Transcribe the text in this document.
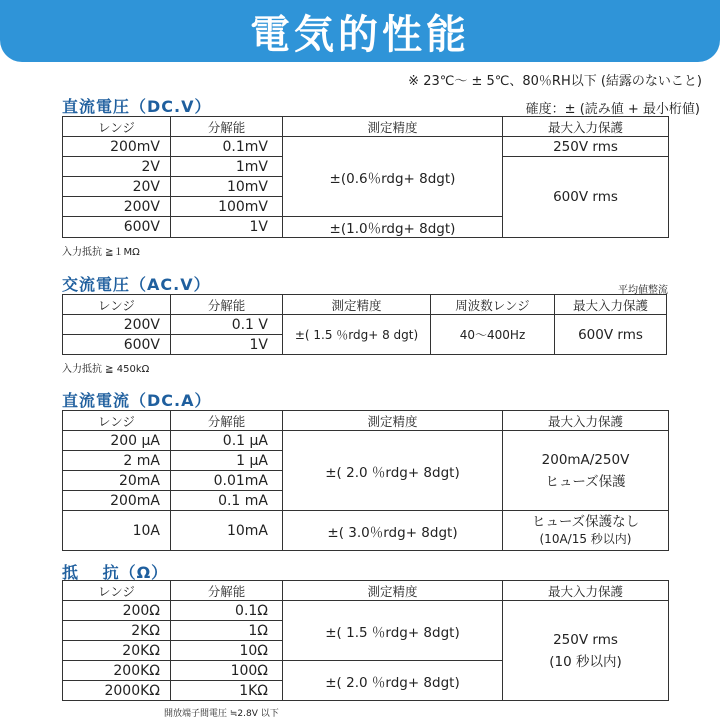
電気的性能
※ 23℃～ ± 5℃、80％RH以下 (結露のないこと)
直流電圧（DC.V）	確度：± (読み値 + 最小桁値)
レンジ	分解能	測定精度	最大入力保護
200mV	0.1mV	±(0.6％rdg+ 8dgt)	250V rms
2V	1mV		600V rms
20V	10mV		
200V	100mV		
600V	1V	±(1.0％rdg+ 8dgt)	
入力抵抗 ≧１MΩ
交流電圧（AC.V）	平均値整流
レンジ	分解能	測定精度	周波数レンジ	最大入力保護
200V	0.1 V	±( 1.5 ％rdg+ 8 dgt)	40～400Hz	600V rms
600V	1V			
入力抵抗 ≧ 450kΩ
直流電流（DC.A）
レンジ	分解能	測定精度	最大入力保護
200 μA	0.1 μA	±( 2.0 ％rdg+ 8dgt)	200mA/250V
ヒューズ保護

2 mA	1 μA		
20mA	0.01mA		
200mA	0.1 mA		
10A	10mA	±( 3.0％rdg+ 8dgt)	ヒューズ保護なし
(10A/15 秒以内)
抵　 抗（Ω）
レンジ	分解能	測定精度	最大入力保護
200Ω	0.1Ω	±( 1.5 ％rdg+ 8dgt)	250V rms
(10 秒以内)

2KΩ	1Ω		
20KΩ	10Ω		
200KΩ	100Ω	±( 2.0 ％rdg+ 8dgt)	
2000KΩ	1KΩ		
開放端子間電圧 ≒2.8V 以下
